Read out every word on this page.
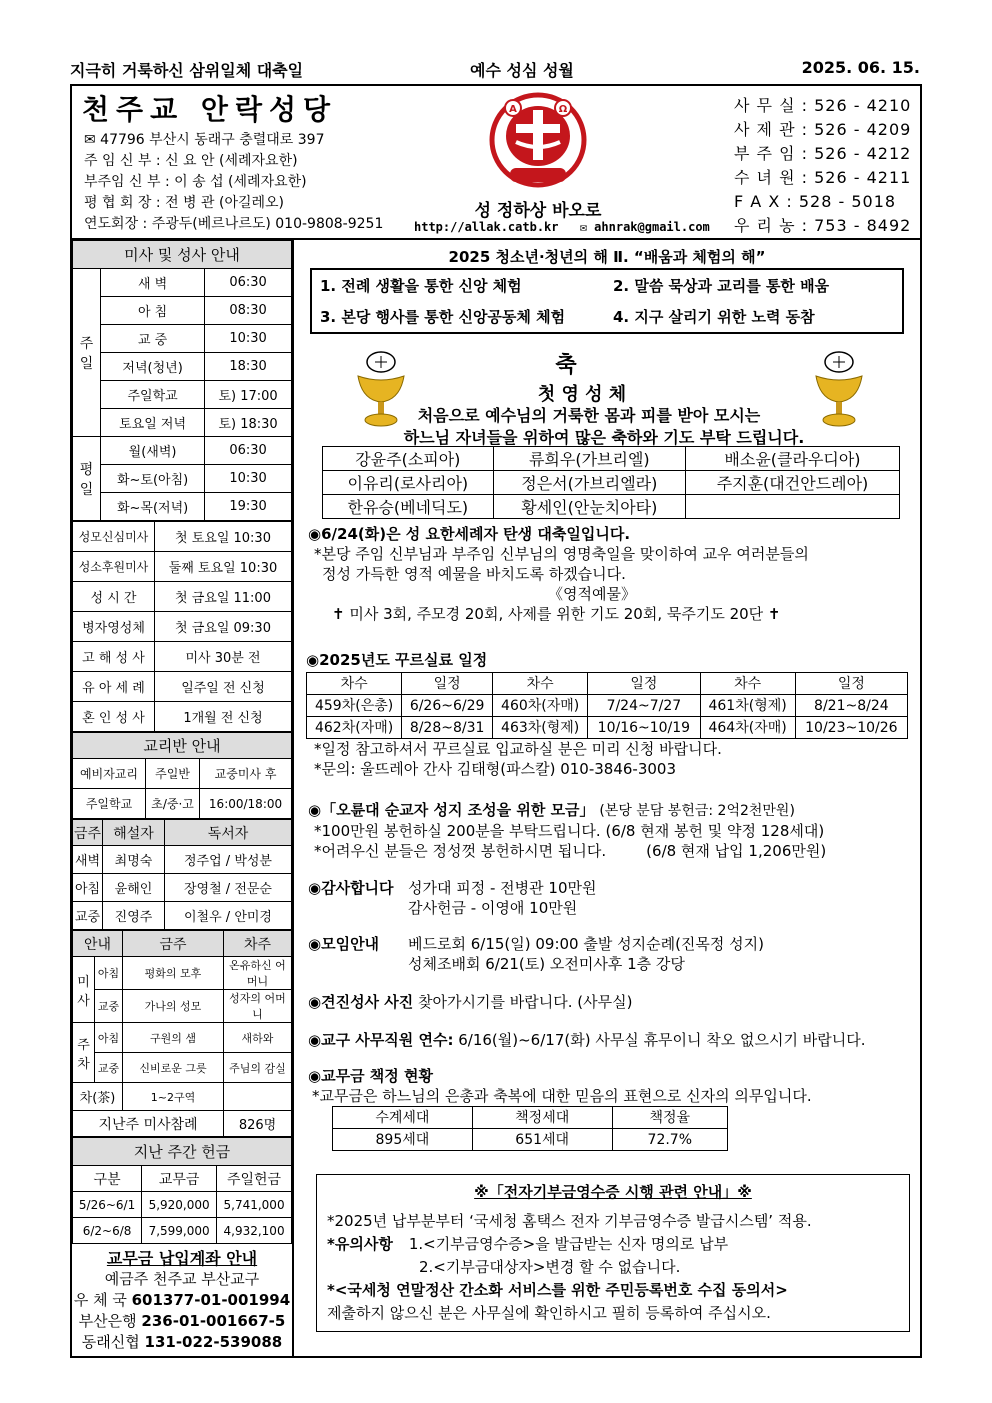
지극히 거룩하신 삼위일체 대축일	예수 성심 성월	2025. 06. 15.
천주교 안락성당
✉ 47796 부산시 동래구 충렬대로 397
주 임 신 부 : 신 요 안 (세례자요한)
부주임 신 부 : 이 송 섭 (세례자요한)
평 협 회 장 : 전 병 관 (아길레오)
연도회장 : 주광두(베르나르도) 010-9808-9251
A	Ω
성 정하상 바오로
http://allak.catb.kr ✉ ahnrak@gmail.com
사 무 실 : 526 - 4210
사 제 관 : 526 - 4209
부 주 임 : 526 - 4212
수 녀 원 : 526 - 4211
F A X : 528 - 5018
우 리 농 : 753 - 8492
미사 및 성사 안내		
주일	새 벽	06:30
	아 침	08:30
	교 중	10:30
	저녁(청년)	18:30
	주일학교	토) 17:00
	토요일 저녁	토) 18:30
평일	월(새벽)	06:30
	화~토(아침)	10:30
	화~목(저녁)	19:30
성모신심미사	첫 토요일 10:30
성소후원미사	둘째 토요일 10:30
성 시 간	첫 금요일 11:00
병자영성체	첫 금요일 09:30
고 해 성 사	미사 30분 전
유 아 세 례	일주일 전 신청
혼 인 성 사	1개월 전 신청
교리반 안내		
예비자교리	주일반	교중미사 후
주일학교	초/중·고	16:00/18:00
금주	해설자	독서자
새벽	최명숙	정주업 / 박성분
아침	윤해인	장영철 / 전문순
교중	진영주	이철우 / 안미경
안내		금주	차주
미사	아침	평화의 모후	온유하신 어머니
	교중	가나의 성모	성자의 어머니
주차	아침	구원의 샘	새하와
	교중	신비로운 그릇	주님의 감실
차(茶)		1~2구역	
지난주 미사참례			826명
지난 주간 헌금		
구분	교무금	주일헌금
5/26~6/1	5,920,000	5,741,000
6/2~6/8	7,599,000	4,932,100
교무금 납입계좌 안내
예금주 천주교 부산교구
우 체 국 601377-01-001994
부산은행 236-01-001667-5
동래신협 131-022-539088
2025 청소년·청년의 해 Ⅱ. “배움과 체험의 해”
1. 전례 생활을 통한 신앙 체험	2. 말씀 묵상과 교리를 통한 배움
3. 본당 행사를 통한 신앙공동체 체험	4. 지구 살리기 위한 노력 동참
축
첫 영 성 체
처음으로 예수님의 거룩한 몸과 피를 받아 모시는
하느님 자녀들을 위하여 많은 축하와 기도 부탁 드립니다.
강윤주(소피아)	류희우(가브리엘)	배소윤(클라우디아)
이유리(로사리아)	정은서(가브리엘라)	주지훈(대건안드레아)
한유승(베네딕도)	황세인(안눈치아타)	
◉6/24(화)은 성 요한세례자 탄생 대축일입니다.
*본당 주임 신부님과 부주임 신부님의 영명축일을 맞이하여 교우 여러분들의
정성 가득한 영적 예물을 바치도록 하겠습니다.
《영적예물》
✝ 미사 3회, 주모경 20회, 사제를 위한 기도 20회, 묵주기도 20단 ✝
◉2025년도 꾸르실료 일정
차수	일정	차수	일정	차수	일정
459차(은총)	6/26~6/29	460차(자매)	7/24~7/27	461차(형제)	8/21~8/24
462차(자매)	8/28~8/31	463차(형제)	10/16~10/19	464차(자매)	10/23~10/26
*일정 참고하셔서 꾸르실료 입교하실 분은 미리 신청 바랍니다.
*문의: 울뜨레아 간사 김태형(파스칼) 010-3846-3003
◉「오륜대 순교자 성지 조성을 위한 모금」 (본당 분담 봉헌금: 2억2천만원)
*100만원 봉헌하실 200분을 부탁드립니다. (6/8 현재 봉헌 및 약정 128세대)
*어려우신 분들은 정성껏 봉헌하시면 됩니다.	(6/8 현재 납입 1,206만원)
◉감사합니다 성가대 피정 - 전병관 10만원
감사헌금 - 이영애 10만원
◉모임안내 베드로회 6/15(일) 09:00 출발 성지순례(진목정 성지)
성체조배회 6/21(토) 오전미사후 1층 강당
◉견진성사 사진 찾아가시기를 바랍니다. (사무실)
◉교구 사무직원 연수: 6/16(월)~6/17(화) 사무실 휴무이니 착오 없으시기 바랍니다.
◉교무금 책정 현황
*교무금은 하느님의 은총과 축복에 대한 믿음의 표현으로 신자의 의무입니다.
수계세대	책정세대	책정율
895세대	651세대	72.7%
※「전자기부금영수증 시행 관련 안내」※
*2025년 납부분부터 ‘국세청 홈택스 전자 기부금영수증 발급시스템’ 적용.
*유의사항 1.<기부금영수증>을 발급받는 신자 명의로 납부
2.<기부금대상자>변경 할 수 없습니다.
*<국세청 연말정산 간소화 서비스를 위한 주민등록번호 수집 동의서>
제출하지 않으신 분은 사무실에 확인하시고 필히 등록하여 주십시오.
